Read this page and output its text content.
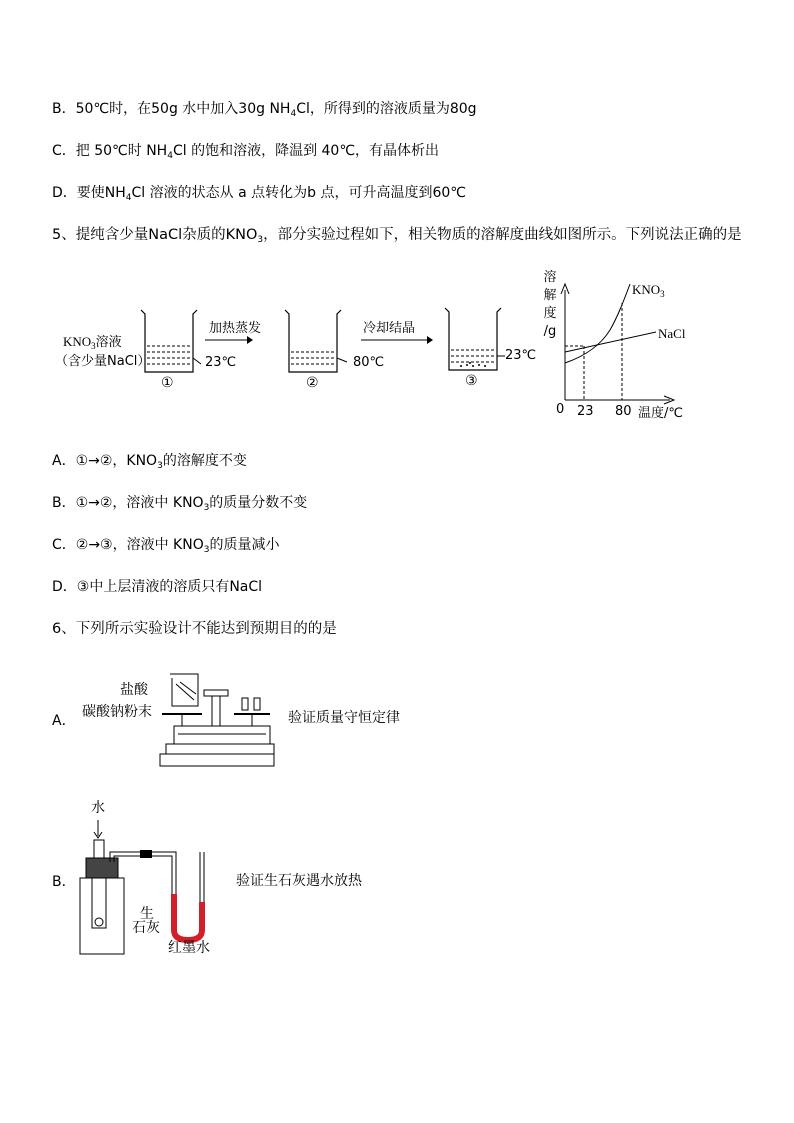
B．50℃时，在50g 水中加入30g $NH_4Cl$，所得到的溶液质量为80g
C．把 50℃时 $NH_4Cl$ 的饱和溶液，降温到 40℃，有晶体析出
D．要使$NH_4Cl$ 溶液的状态从 a 点转化为b 点，可升高温度到60℃
5、提纯含少量NaCl杂质的$KNO_3$，部分实验过程如下，相关物质的溶解度曲线如图所示。下列说法正确的是
$KNO_3$溶液
（含少量NaCl）	23℃	80℃	23℃
加热蒸发	冷却结晶
①	②	③
溶
解
度
/g
0 23 80 温度/℃
$KNO_3$
NaCl
A．①→②，$KNO_3$的溶解度不变
B．①→②，溶液中 $KNO_3$的质量分数不变
C．②→③，溶液中 $KNO_3$的质量减小
D．③中上层清液的溶质只有NaCl
6、下列所示实验设计不能达到预期目的的是
A．
盐酸
碳酸钠粉末	验证质量守恒定律
B．
水
生
石灰
红墨水
验证生石灰遇水放热
